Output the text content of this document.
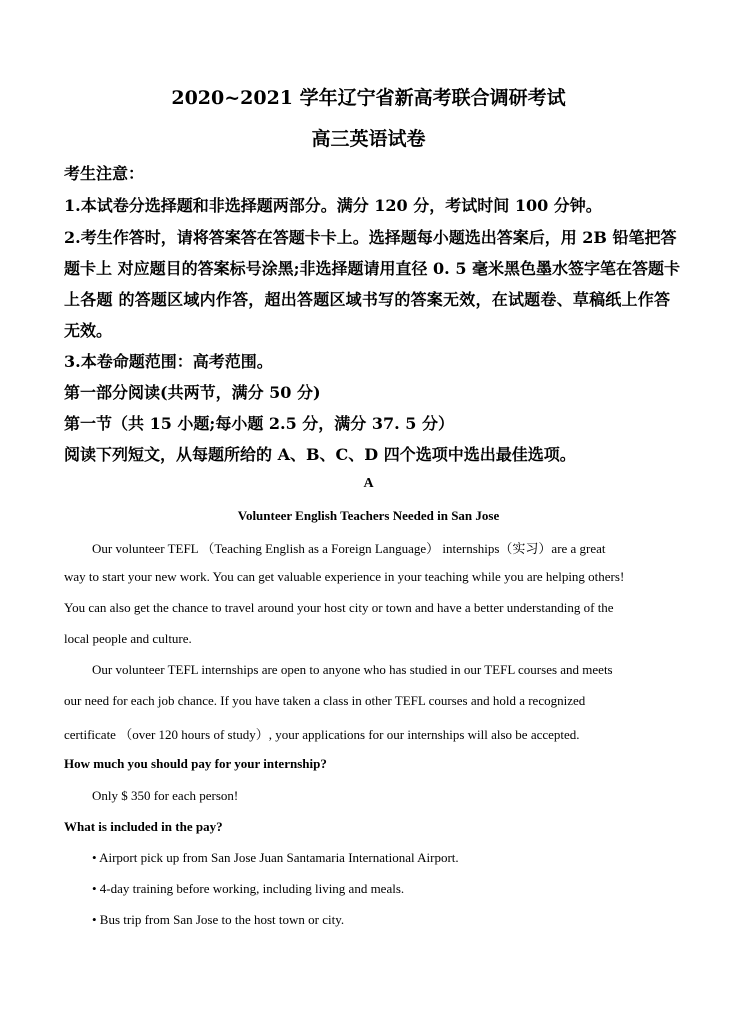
2020~2021 学年辽宁省新高考联合调研考试
高三英语试卷
考生注意：
1.本试卷分选择题和非选择题两部分。满分 120 分，考试时间 100 分钟。
2.考生作答时，请将答案答在答题卡卡上。选择题每小题选出答案后，用 2B 铅笔把答
题卡上 对应题目的答案标号涂黑;非选择题请用直径 0. 5 毫米黑色墨水签字笔在答题卡
上各题 的答题区域内作答，超出答题区域书写的答案无效，在试题卷、草稿纸上作答
无效。
3.本卷命题范围：高考范围。
第一部分阅读(共两节，满分 50 分)
第一节（共 15 小题;每小题 2.5 分，满分 37. 5 分）
阅读下列短文，从每题所给的 A、B、C、D 四个选项中选出最佳选项。
A
Volunteer English Teachers Needed in San Jose
Our volunteer TEFL （Teaching English as a Foreign Language） internships（实习）are a great
way to start your new work. You can get valuable experience in your teaching while you are helping others!
You can also get the chance to travel around your host city or town and have a better understanding of the
local people and culture.
Our volunteer TEFL internships are open to anyone who has studied in our TEFL courses and meets
our need for each job chance. If you have taken a class in other TEFL courses and hold a recognized
certificate （over 120 hours of study）, your applications for our internships will also be accepted.
How much you should pay for your internship?
Only $ 350 for each person!
What is included in the pay?
• Airport pick up from San Jose Juan Santamaria International Airport.
• 4-day training before working, including living and meals.
• Bus trip from San Jose to the host town or city.
